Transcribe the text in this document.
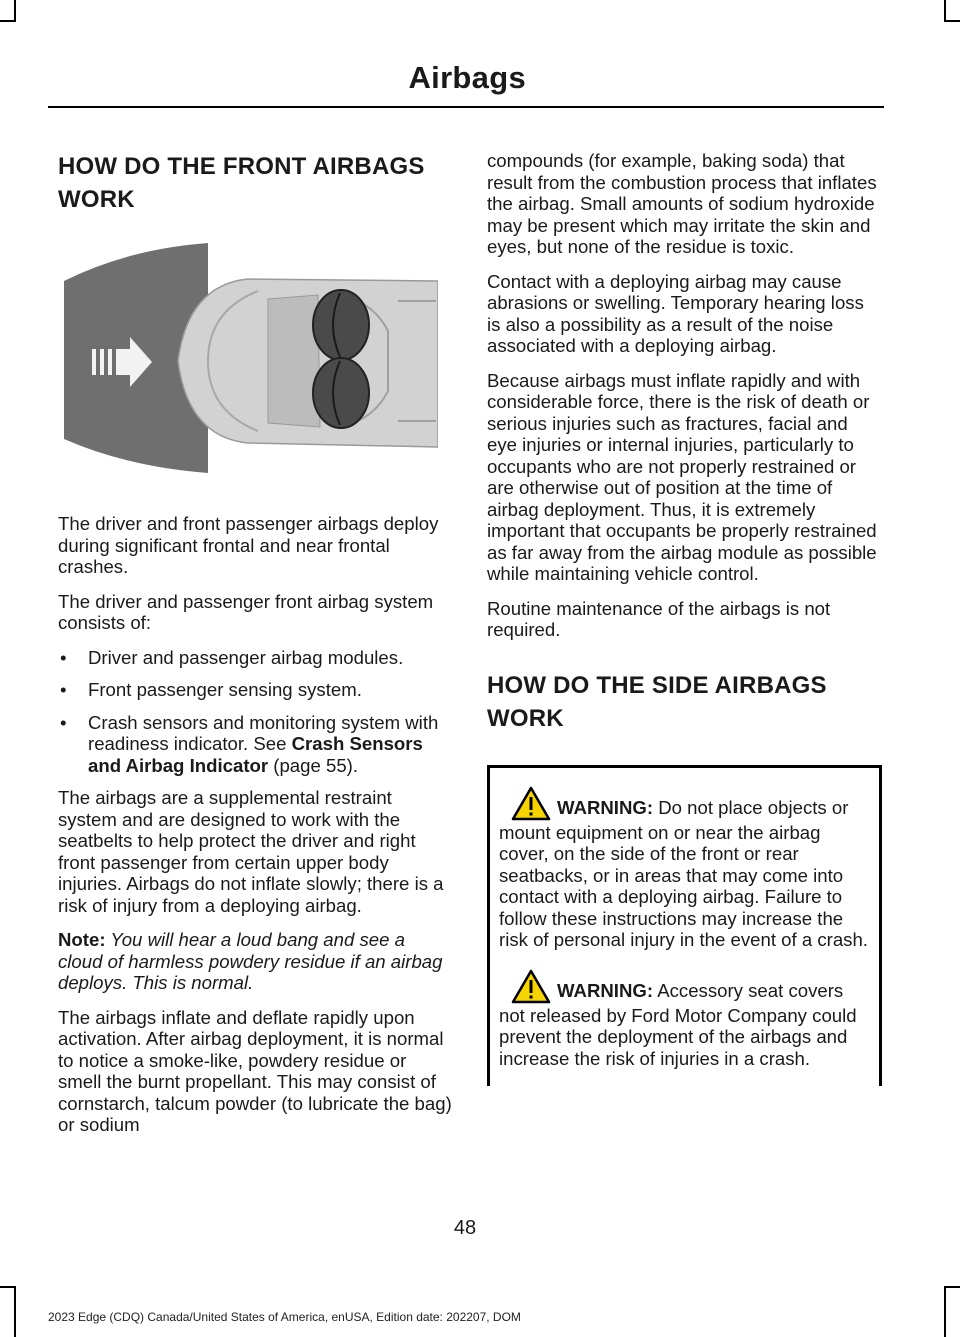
Airbags
HOW DO THE FRONT AIRBAGS WORK

The driver and front passenger airbags deploy during significant frontal and near frontal crashes.

The driver and passenger front airbag system consists of:

• Driver and passenger airbag modules.
• Front passenger sensing system.
• Crash sensors and monitoring system with readiness indicator. See Crash Sensors and Airbag Indicator (page 55).

The airbags are a supplemental restraint system and are designed to work with the seatbelts to help protect the driver and right front passenger from certain upper body injuries. Airbags do not inflate slowly; there is a risk of injury from a deploying airbag.

Note: You will hear a loud bang and see a cloud of harmless powdery residue if an airbag deploys. This is normal.

The airbags inflate and deflate rapidly upon activation. After airbag deployment, it is normal to notice a smoke-like, powdery residue or smell the burnt propellant. This may consist of cornstarch, talcum powder (to lubricate the bag) or sodium

compounds (for example, baking soda) that result from the combustion process that inflates the airbag. Small amounts of sodium hydroxide may be present which may irritate the skin and eyes, but none of the residue is toxic.

Contact with a deploying airbag may cause abrasions or swelling. Temporary hearing loss is also a possibility as a result of the noise associated with a deploying airbag.

Because airbags must inflate rapidly and with considerable force, there is the risk of death or serious injuries such as fractures, facial and eye injuries or internal injuries, particularly to occupants who are not properly restrained or are otherwise out of position at the time of airbag deployment. Thus, it is extremely important that occupants be properly restrained as far away from the airbag module as possible while maintaining vehicle control.

Routine maintenance of the airbags is not required.

HOW DO THE SIDE AIRBAGS WORK
WARNING: Do not place objects or mount equipment on or near the airbag cover, on the side of the front or rear seatbacks, or in areas that may come into contact with a deploying airbag. Failure to follow these instructions may increase the risk of personal injury in the event of a crash.
WARNING: Accessory seat covers not released by Ford Motor Company could prevent the deployment of the airbags and increase the risk of injuries in a crash.
48
2023 Edge (CDQ) Canada/United States of America, enUSA, Edition date: 202207, DOM
